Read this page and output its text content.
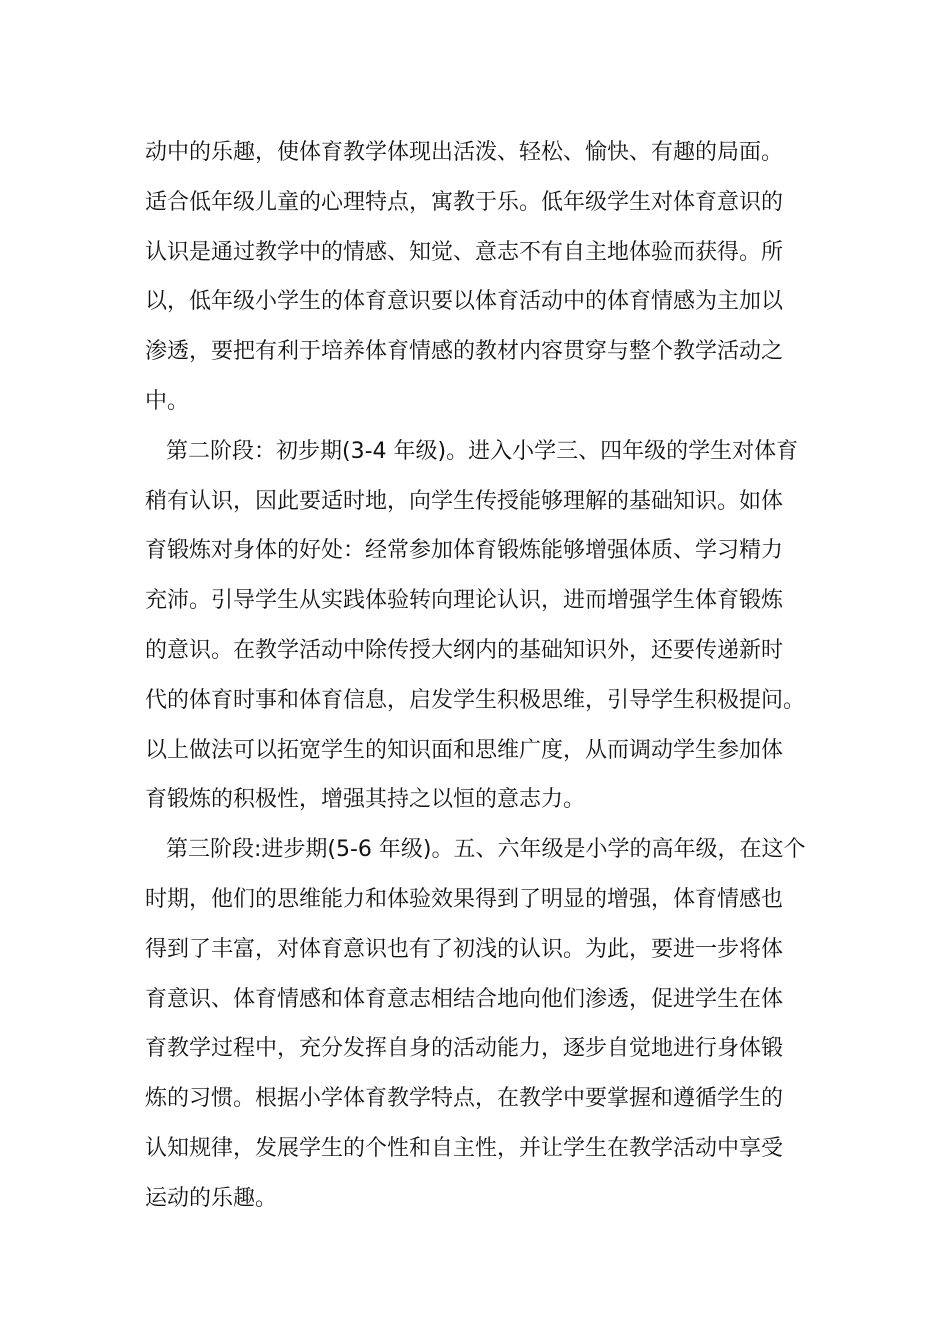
动中的乐趣，使体育教学体现出活泼、轻松、愉快、有趣的局面。
适合低年级儿童的心理特点，寓教于乐。低年级学生对体育意识的
认识是通过教学中的情感、知觉、意志不有自主地体验而获得。所
以，低年级小学生的体育意识要以体育活动中的体育情感为主加以
渗透，要把有利于培养体育情感的教材内容贯穿与整个教学活动之
中。
第二阶段：初步期(3-4 年级)。进入小学三、四年级的学生对体育
稍有认识，因此要适时地，向学生传授能够理解的基础知识。如体
育锻炼对身体的好处：经常参加体育锻炼能够增强体质、学习精力
充沛。引导学生从实践体验转向理论认识，进而增强学生体育锻炼
的意识。在教学活动中除传授大纲内的基础知识外，还要传递新时
代的体育时事和体育信息，启发学生积极思维，引导学生积极提问。
以上做法可以拓宽学生的知识面和思维广度，从而调动学生参加体
育锻炼的积极性，增强其持之以恒的意志力。
第三阶段:进步期(5-6 年级)。五、六年级是小学的高年级，在这个
时期，他们的思维能力和体验效果得到了明显的增强，体育情感也
得到了丰富，对体育意识也有了初浅的认识。为此，要进一步将体
育意识、体育情感和体育意志相结合地向他们渗透，促进学生在体
育教学过程中，充分发挥自身的活动能力，逐步自觉地进行身体锻
炼的习惯。根据小学体育教学特点，在教学中要掌握和遵循学生的
认知规律，发展学生的个性和自主性，并让学生在教学活动中享受
运动的乐趣。
